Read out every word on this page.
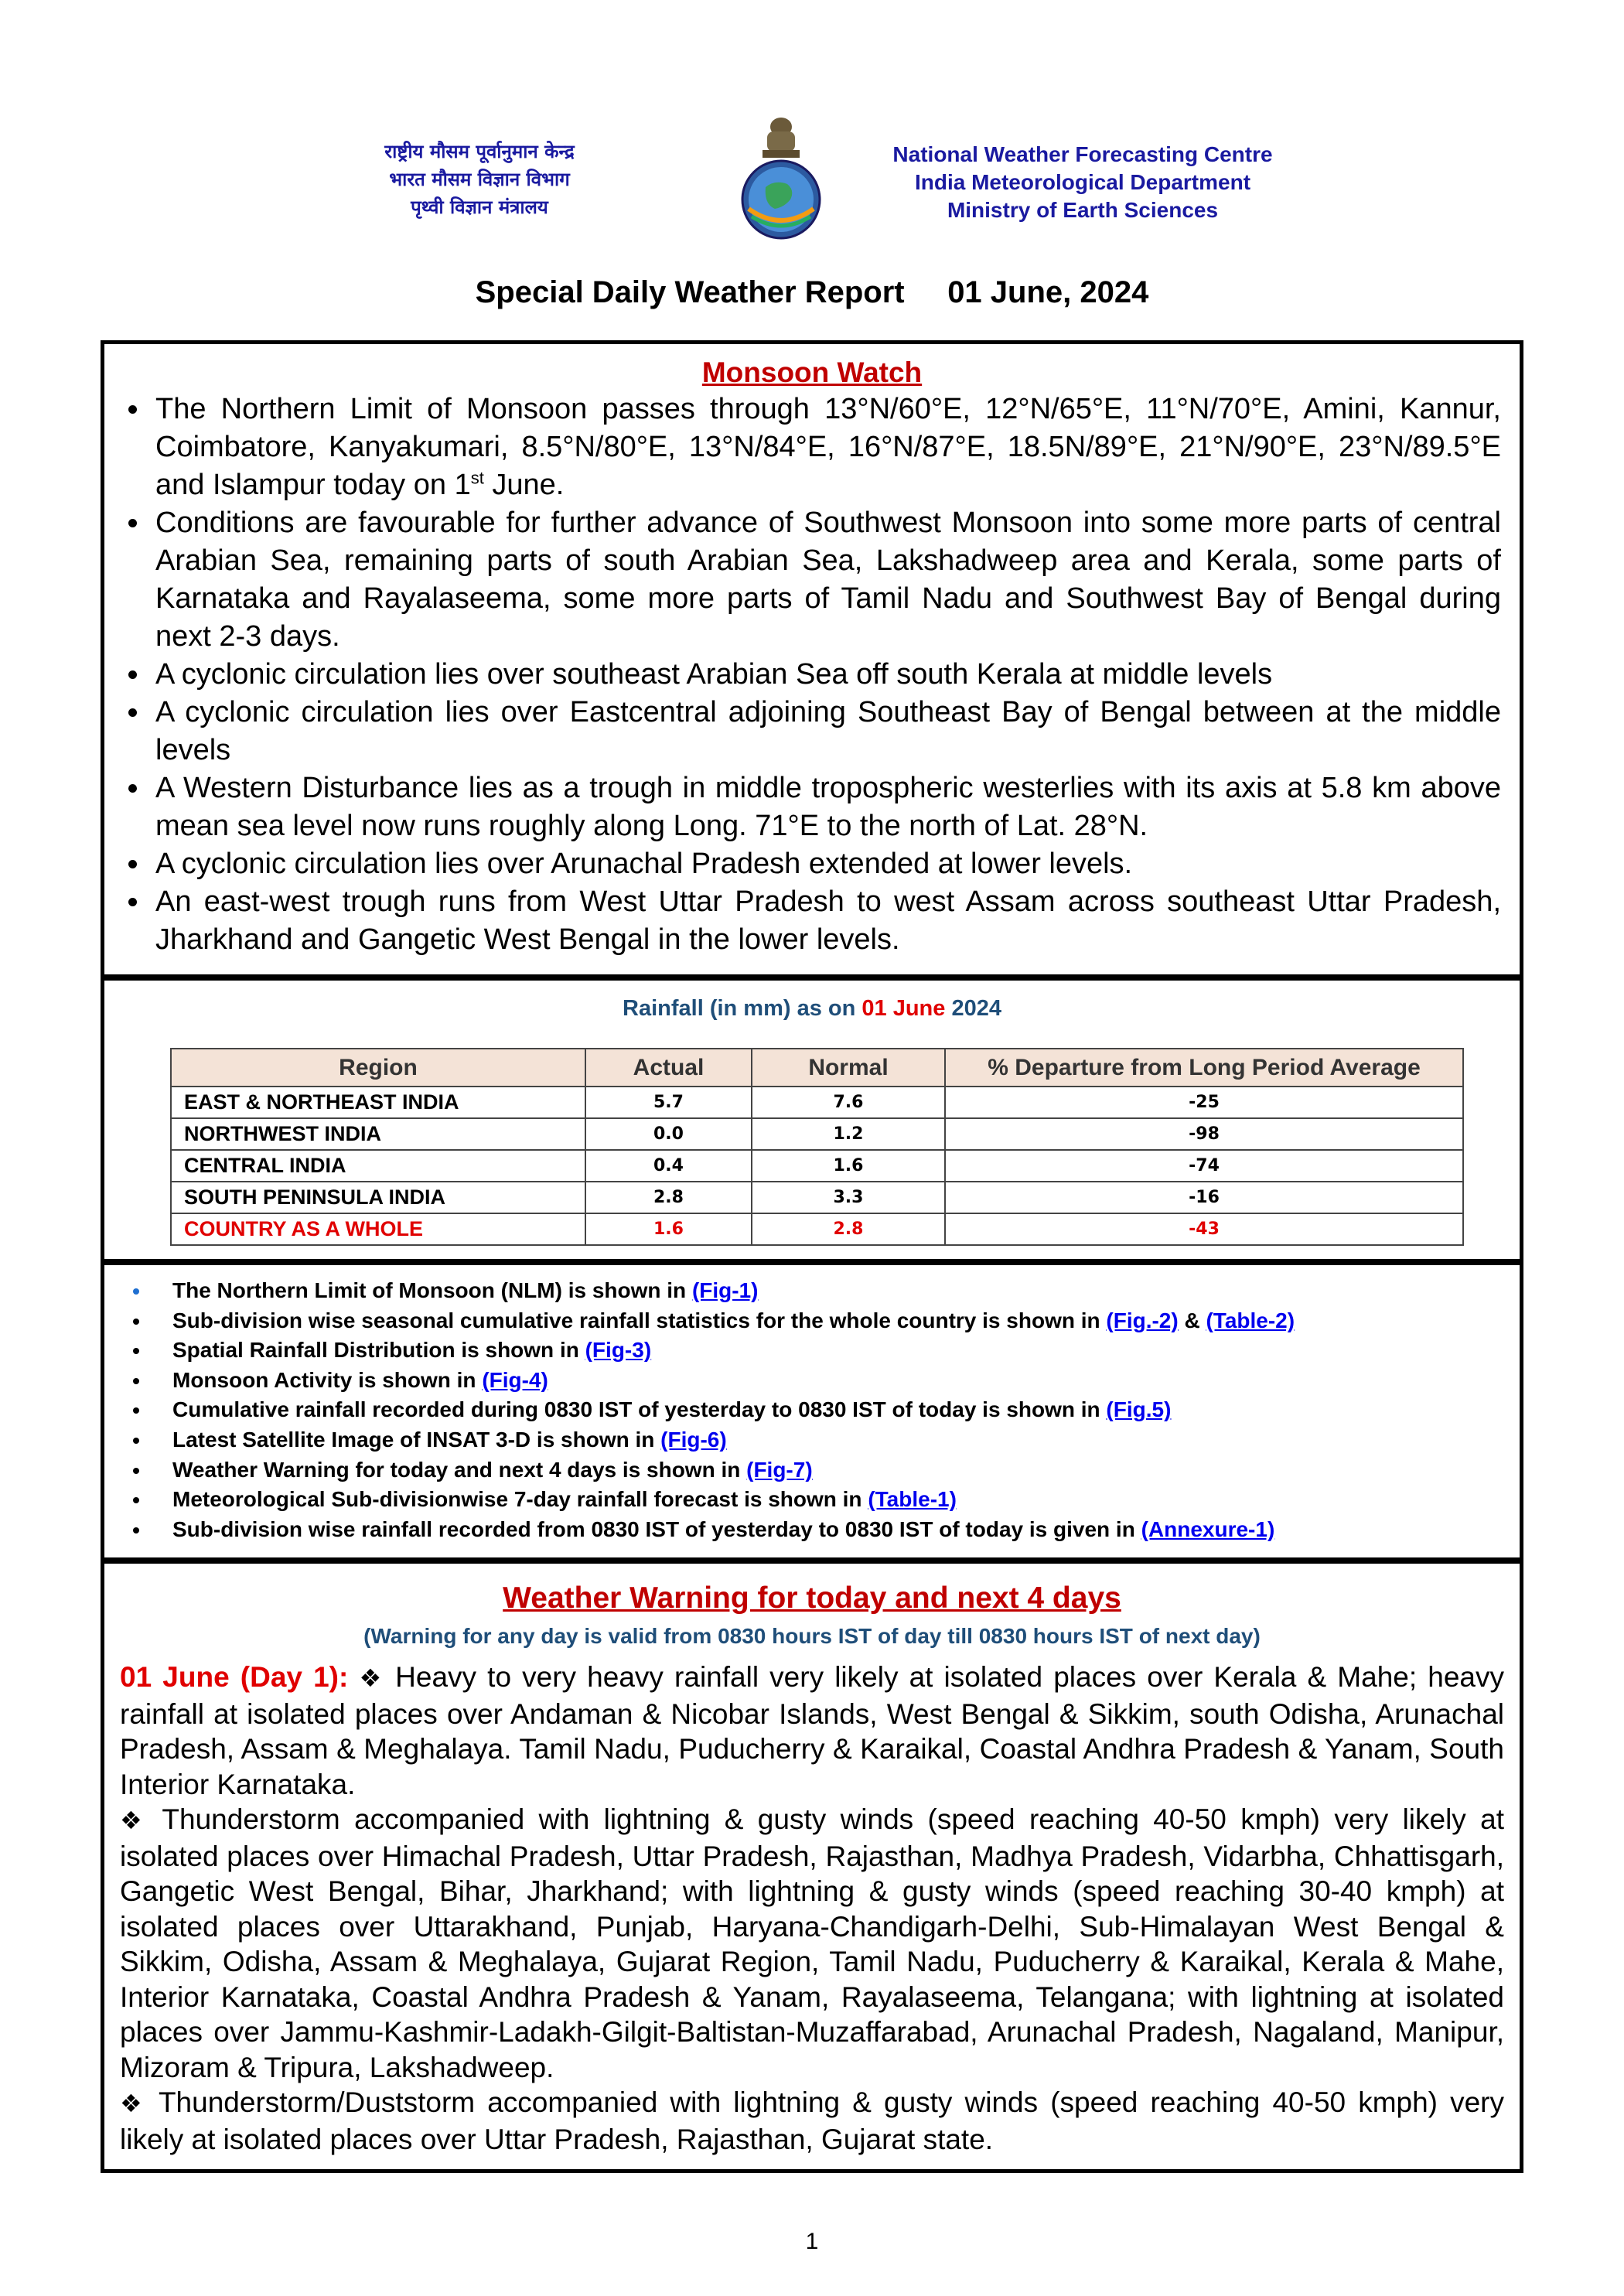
राष्ट्रीय मौसम पूर्वानुमान केन्द्र
भारत मौसम विज्ञान विभाग
पृथ्वी विज्ञान मंत्रालय
National Weather Forecasting Centre
India Meteorological Department
Ministry of Earth Sciences
Special Daily Weather Report 01 June, 2024
Monsoon Watch
• The Northern Limit of Monsoon passes through 13°N/60°E, 12°N/65°E, 11°N/70°E, Amini, Kannur, Coimbatore, Kanyakumari, 8.5°N/80°E, 13°N/84°E, 16°N/87°E, 18.5N/89°E, 21°N/90°E, 23°N/89.5°E and Islampur today on 1st June.
• Conditions are favourable for further advance of Southwest Monsoon into some more parts of central Arabian Sea, remaining parts of south Arabian Sea, Lakshadweep area and Kerala, some parts of Karnataka and Rayalaseema, some more parts of Tamil Nadu and Southwest Bay of Bengal during next 2-3 days.
• A cyclonic circulation lies over southeast Arabian Sea off south Kerala at middle levels
• A cyclonic circulation lies over Eastcentral adjoining Southeast Bay of Bengal between at the middle levels
• A Western Disturbance lies as a trough in middle tropospheric westerlies with its axis at 5.8 km above mean sea level now runs roughly along Long. 71°E to the north of Lat. 28°N.
• A cyclonic circulation lies over Arunachal Pradesh extended at lower levels.
• An east-west trough runs from West Uttar Pradesh to west Assam across southeast Uttar Pradesh, Jharkhand and Gangetic West Bengal in the lower levels.
Rainfall (in mm) as on 01 June 2024
Region	Actual	Normal	% Departure from Long Period Average
EAST & NORTHEAST INDIA	5.7	7.6	-25
NORTHWEST INDIA	0.0	1.2	-98
CENTRAL INDIA	0.4	1.6	-74
SOUTH PENINSULA INDIA	2.8	3.3	-16
COUNTRY AS A WHOLE	1.6	2.8	-43
• The Northern Limit of Monsoon (NLM) is shown in (Fig-1)
• Sub-division wise seasonal cumulative rainfall statistics for the whole country is shown in (Fig.-2) & (Table-2)
• Spatial Rainfall Distribution is shown in (Fig-3)
• Monsoon Activity is shown in (Fig-4)
• Cumulative rainfall recorded during 0830 IST of yesterday to 0830 IST of today is shown in (Fig.5)
• Latest Satellite Image of INSAT 3-D is shown in (Fig-6)
• Weather Warning for today and next 4 days is shown in (Fig-7)
• Meteorological Sub-divisionwise 7-day rainfall forecast is shown in (Table-1)
• Sub-division wise rainfall recorded from 0830 IST of yesterday to 0830 IST of today is given in (Annexure-1)
Weather Warning for today and next 4 days
(Warning for any day is valid from 0830 hours IST of day till 0830 hours IST of next day)

01 June (Day 1): ❖ Heavy to very heavy rainfall very likely at isolated places over Kerala & Mahe; heavy rainfall at isolated places over Andaman & Nicobar Islands, West Bengal & Sikkim, south Odisha, Arunachal Pradesh, Assam & Meghalaya. Tamil Nadu, Puducherry & Karaikal, Coastal Andhra Pradesh & Yanam, South Interior Karnataka.

❖ Thunderstorm accompanied with lightning & gusty winds (speed reaching 40-50 kmph) very likely at isolated places over Himachal Pradesh, Uttar Pradesh, Rajasthan, Madhya Pradesh, Vidarbha, Chhattisgarh, Gangetic West Bengal, Bihar, Jharkhand; with lightning & gusty winds (speed reaching 30-40 kmph) at isolated places over Uttarakhand, Punjab, Haryana-Chandigarh-Delhi, Sub-Himalayan West Bengal & Sikkim, Odisha, Assam & Meghalaya, Gujarat Region, Tamil Nadu, Puducherry & Karaikal, Kerala & Mahe, Interior Karnataka, Coastal Andhra Pradesh & Yanam, Rayalaseema, Telangana; with lightning at isolated places over Jammu-Kashmir-Ladakh-Gilgit-Baltistan-Muzaffarabad, Arunachal Pradesh, Nagaland, Manipur, Mizoram & Tripura, Lakshadweep.

❖ Thunderstorm/Duststorm accompanied with lightning & gusty winds (speed reaching 40-50 kmph) very likely at isolated places over Uttar Pradesh, Rajasthan, Gujarat state.

1
